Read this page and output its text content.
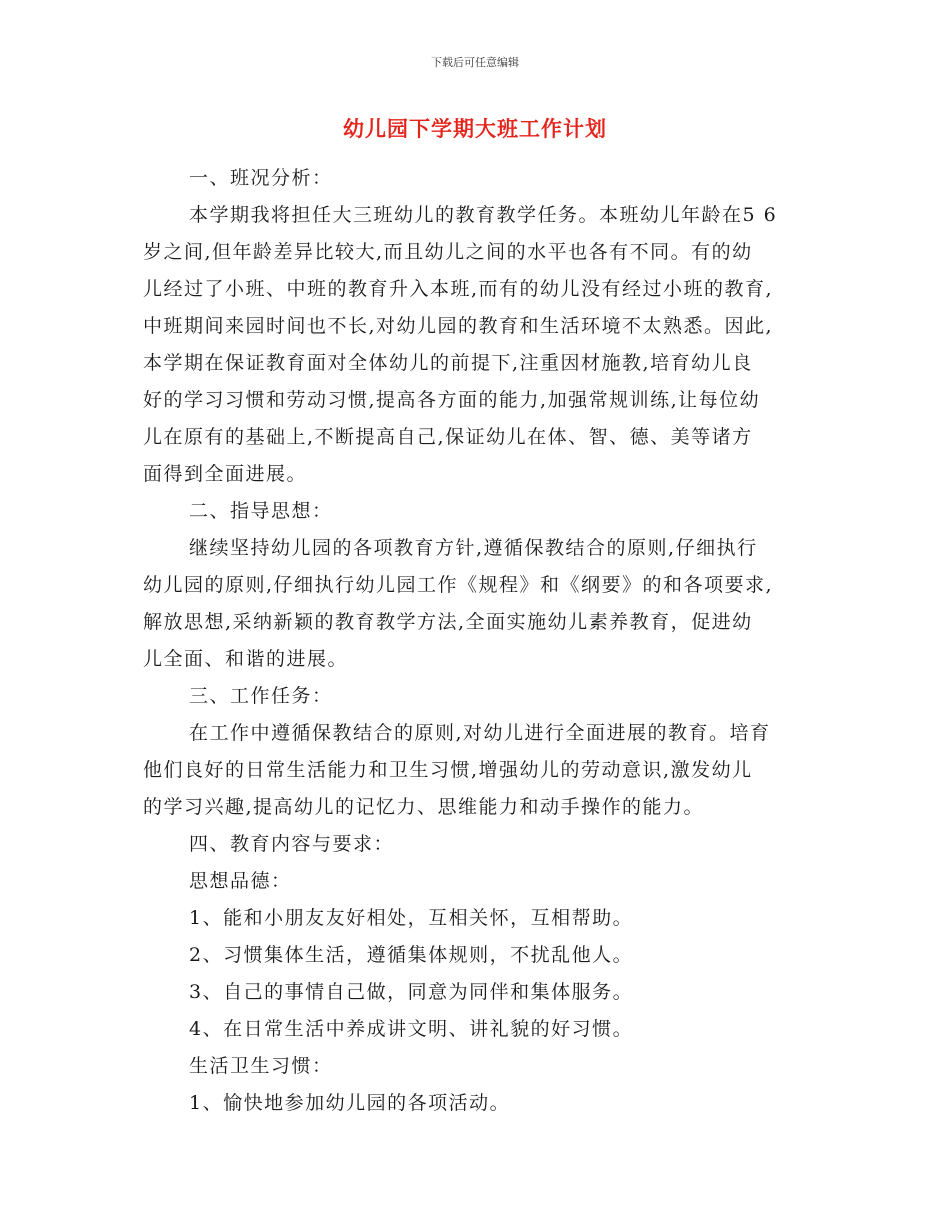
下载后可任意编辑
幼儿园下学期大班工作计划
一、班况分析：
本学期我将担任大三班幼儿的教育教学任务。本班幼儿年龄在5 6
岁之间,但年龄差异比较大,而且幼儿之间的水平也各有不同。有的幼
儿经过了小班、中班的教育升入本班,而有的幼儿没有经过小班的教育,
中班期间来园时间也不长,对幼儿园的教育和生活环境不太熟悉。因此,
本学期在保证教育面对全体幼儿的前提下,注重因材施教,培育幼儿良
好的学习习惯和劳动习惯,提高各方面的能力,加强常规训练,让每位幼
儿在原有的基础上,不断提高自己,保证幼儿在体、智、德、美等诸方
面得到全面进展。
二、指导思想：
继续坚持幼儿园的各项教育方针,遵循保教结合的原则,仔细执行
幼儿园的原则,仔细执行幼儿园工作《规程》和《纲要》的和各项要求,
解放思想,采纳新颖的教育教学方法,全面实施幼儿素养教育，促进幼
儿全面、和谐的进展。
三、工作任务：
在工作中遵循保教结合的原则,对幼儿进行全面进展的教育。培育
他们良好的日常生活能力和卫生习惯,增强幼儿的劳动意识,激发幼儿
的学习兴趣,提高幼儿的记忆力、思维能力和动手操作的能力。
四、教育内容与要求：
思想品德：
1、能和小朋友友好相处，互相关怀，互相帮助。
2、习惯集体生活，遵循集体规则，不扰乱他人。
3、自己的事情自己做，同意为同伴和集体服务。
4、在日常生活中养成讲文明、讲礼貌的好习惯。
生活卫生习惯：
1、愉快地参加幼儿园的各项活动。
